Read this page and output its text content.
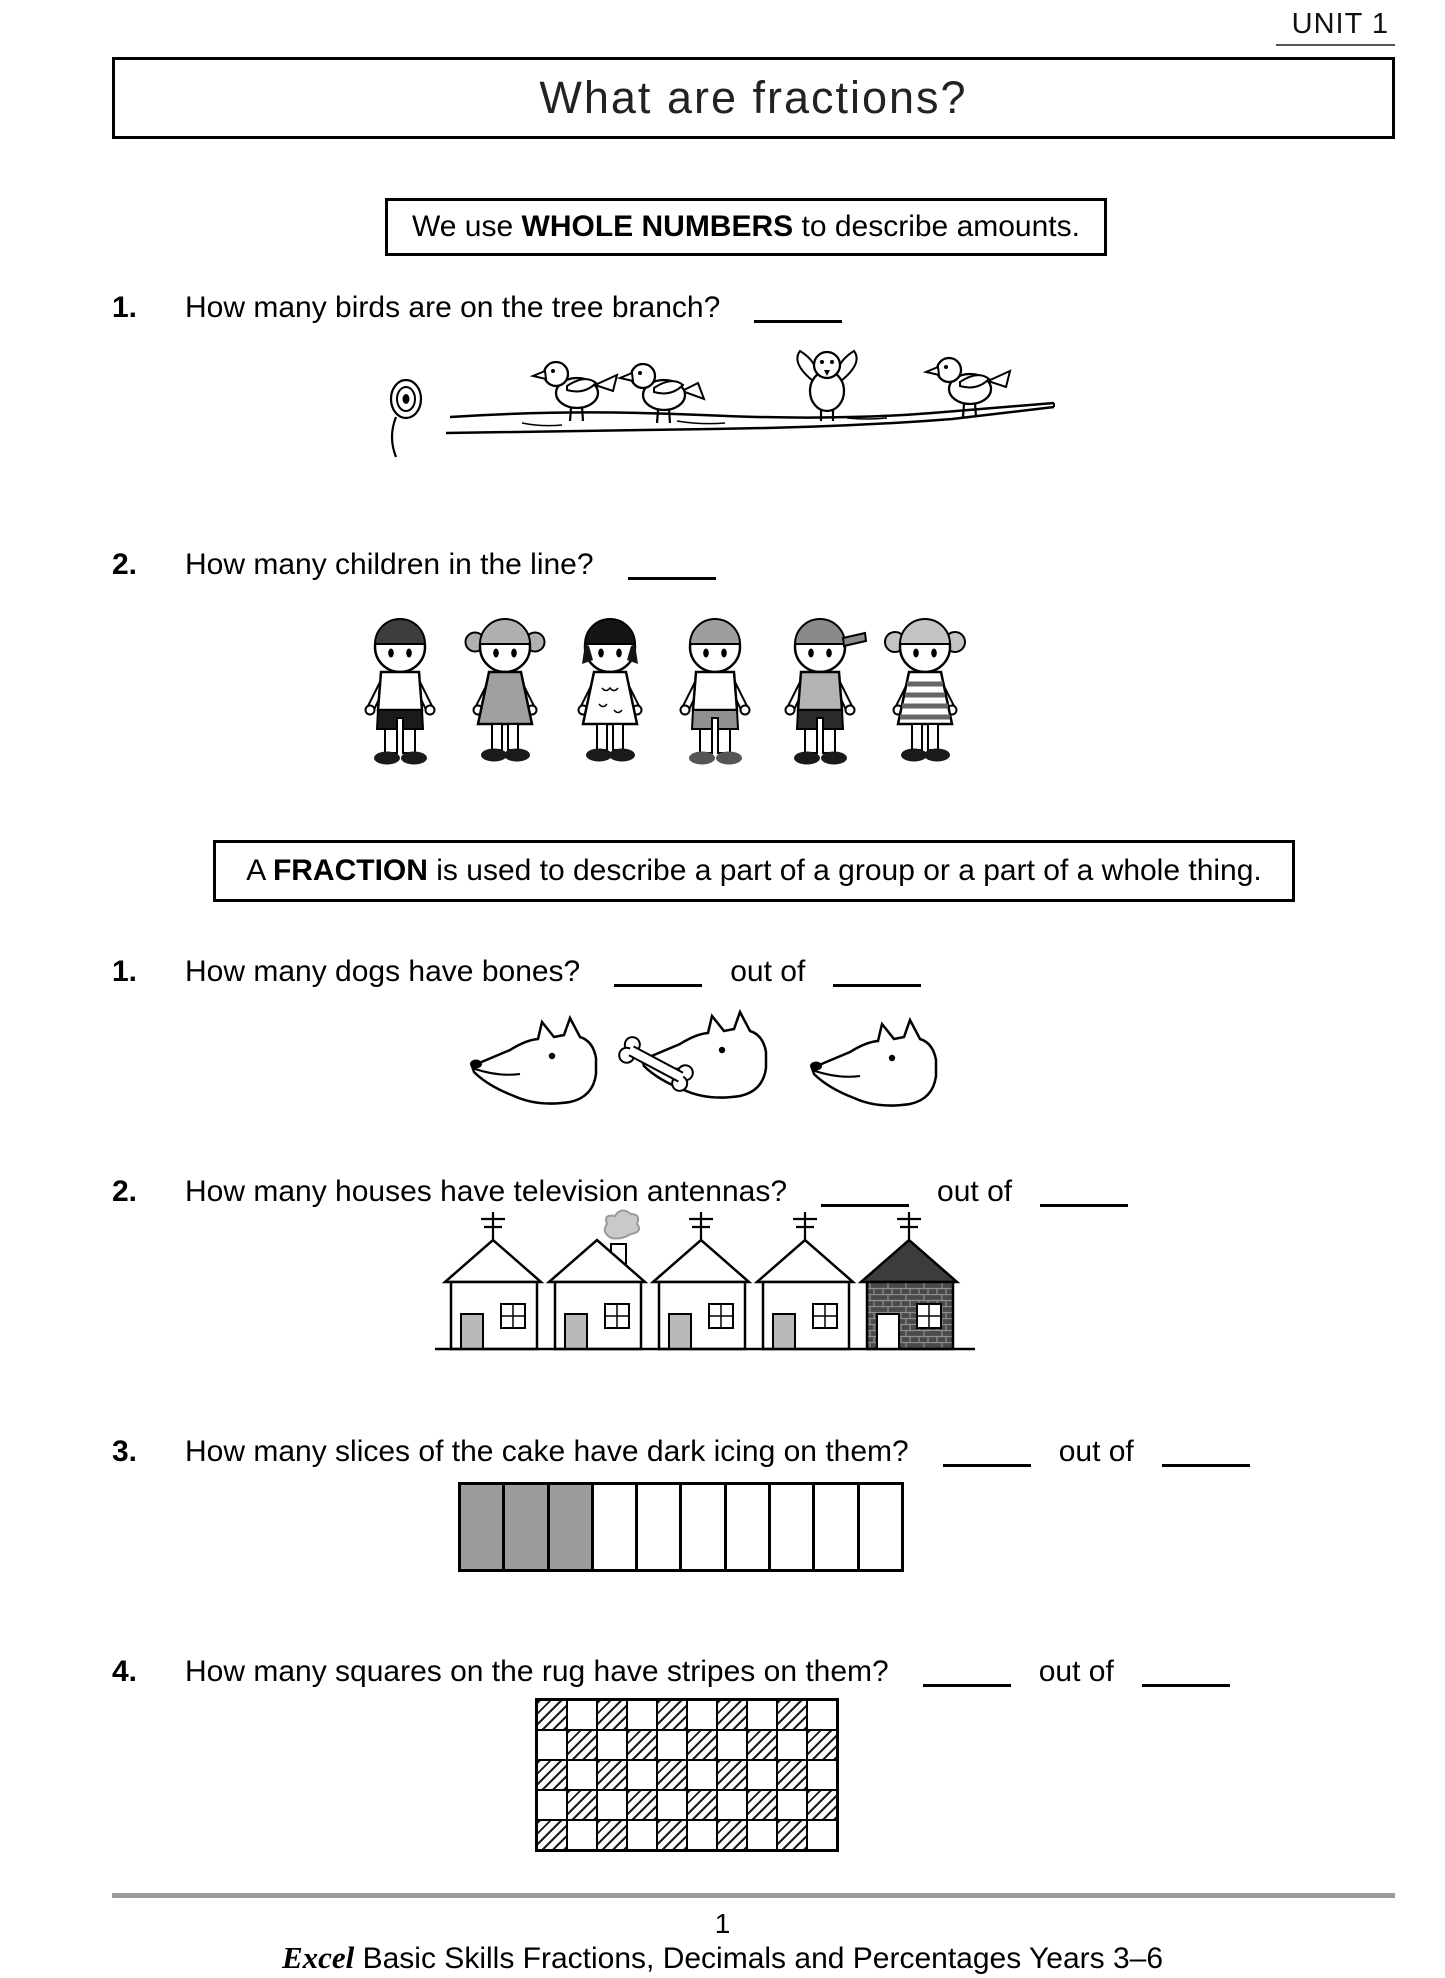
UNIT 1
What are fractions?
We use WHOLE NUMBERS to describe amounts.
1. How many birds are on the tree branch?
2. How many children in the line?
A FRACTION is used to describe a part of a group or a part of a whole thing.
1. How many dogs have bones?	out of
2. How many houses have television antennas?	out of
3. How many slices of the cake have dark icing on them?	out of
4. How many squares on the rug have stripes on them?	out of
1
Excel Basic Skills Fractions, Decimals and Percentages Years 3–6
